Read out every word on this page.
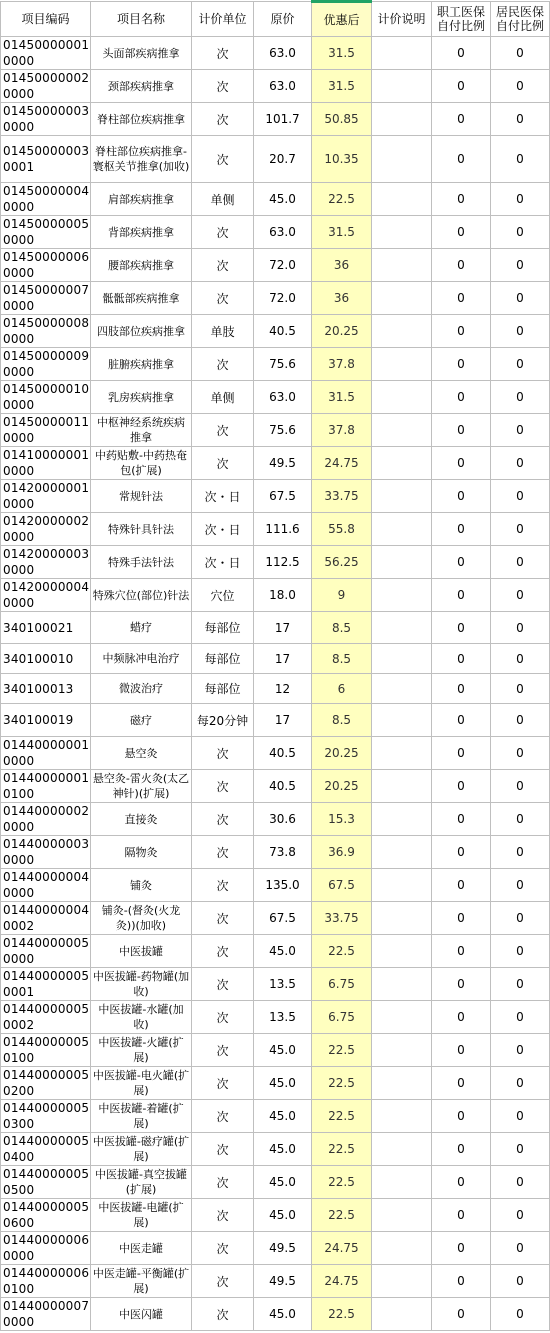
项目编码	项目名称	计价单位	原价	优惠后	计价说明	职工医保自付比例	居民医保自付比例
014500000010000	头面部疾病推拿	次	63.0	31.5		0	0
014500000020000	颈部疾病推拿	次	63.0	31.5		0	0
014500000030000	脊柱部位疾病推拿	次	101.7	50.85		0	0
014500000030001	脊柱部位疾病推拿-寰枢关节推拿(加收)	次	20.7	10.35		0	0
014500000040000	肩部疾病推拿	单侧	45.0	22.5		0	0
014500000050000	背部疾病推拿	次	63.0	31.5		0	0
014500000060000	腰部疾病推拿	次	72.0	36		0	0
014500000070000	骶骶部疾病推拿	次	72.0	36		0	0
014500000080000	四肢部位疾病推拿	单肢	40.5	20.25		0	0
014500000090000	脏腑疾病推拿	次	75.6	37.8		0	0
014500000100000	乳房疾病推拿	单侧	63.0	31.5		0	0
014500000110000	中枢神经系统疾病推拿	次	75.6	37.8		0	0
014100000010000	中药贴敷-中药热奄包(扩展)	次	49.5	24.75		0	0
014200000010000	常规针法	次・日	67.5	33.75		0	0
014200000020000	特殊针具针法	次・日	111.6	55.8		0	0
014200000030000	特殊手法针法	次・日	112.5	56.25		0	0
014200000040000	特殊穴位(部位)针法	穴位	18.0	9		0	0
340100021	蜡疗	每部位	17	8.5		0	0
340100010	中频脉冲电治疗	每部位	17	8.5		0	0
340100013	微波治疗	每部位	12	6		0	0
340100019	磁疗	每20分钟	17	8.5		0	0
014400000010000	悬空灸	次	40.5	20.25		0	0
014400000010100	悬空灸-雷火灸(太乙神针)(扩展)	次	40.5	20.25		0	0
014400000020000	直接灸	次	30.6	15.3		0	0
014400000030000	隔物灸	次	73.8	36.9		0	0
014400000040000	铺灸	次	135.0	67.5		0	0
014400000040002	铺灸-(督灸(火龙灸))(加收)	次	67.5	33.75		0	0
014400000050000	中医拔罐	次	45.0	22.5		0	0
014400000050001	中医拔罐-药物罐(加收)	次	13.5	6.75		0	0
014400000050002	中医拔罐-水罐(加收)	次	13.5	6.75		0	0
014400000050100	中医拔罐-火罐(扩展)	次	45.0	22.5		0	0
014400000050200	中医拔罐-电火罐(扩展)	次	45.0	22.5		0	0
014400000050300	中医拔罐-着罐(扩展)	次	45.0	22.5		0	0
014400000050400	中医拔罐-磁疗罐(扩展)	次	45.0	22.5		0	0
014400000050500	中医拔罐-真空拔罐(扩展)	次	45.0	22.5		0	0
014400000050600	中医拔罐-电罐(扩展)	次	45.0	22.5		0	0
014400000060000	中医走罐	次	49.5	24.75		0	0
014400000060100	中医走罐-平衡罐(扩展)	次	49.5	24.75		0	0
014400000070000	中医闪罐	次	45.0	22.5		0	0
